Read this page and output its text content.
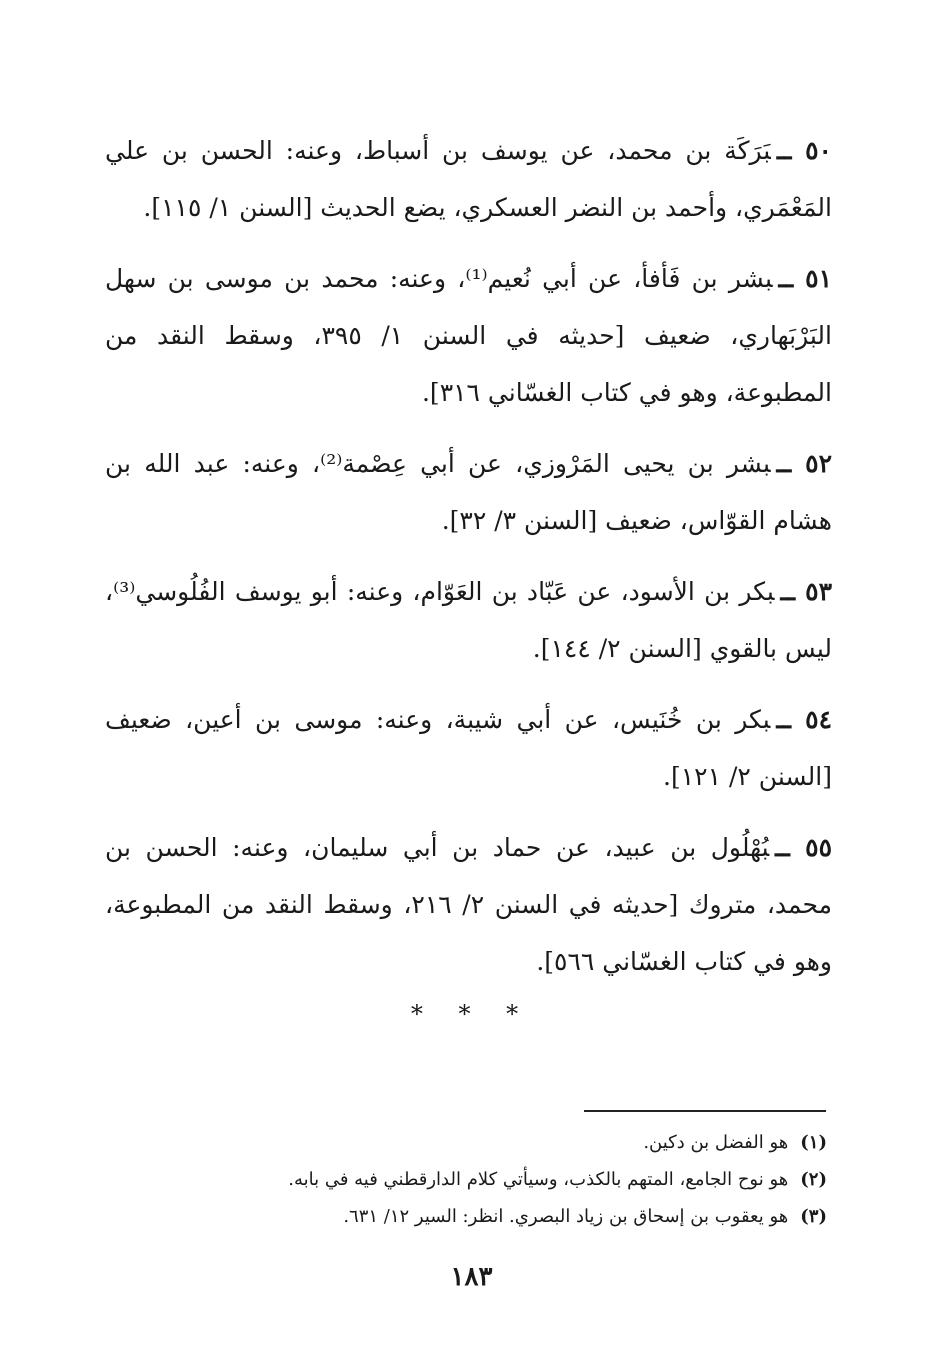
٥٠ ــبَرَكَة بن محمد، عن يوسف بن أسباط، وعنه: الحسن بن علي المَعْمَري، وأحمد بن النضر العسكري، يضع الحديث [السنن ١/ ١١٥].

٥١ ــبشر بن فَأفأ، عن أبي نُعيم⁽¹⁾، وعنه: محمد بن موسى بن سهل البَرْبَهاري، ضعيف [حديثه في السنن ١/ ٣٩٥، وسقط النقد من المطبوعة، وهو في كتاب الغسّاني ٣١٦].

٥٢ ــبشر بن يحيى المَرْوزي، عن أبي عِصْمة⁽²⁾، وعنه: عبد الله بن هشام القوّاس، ضعيف [السنن ٣/ ٣٢].

٥٣ ــبكر بن الأسود، عن عَبّاد بن العَوّام، وعنه: أبو يوسف الفُلُوسي⁽³⁾، ليس بالقوي [السنن ٢/ ١٤٤].

٥٤ ــبكر بن خُنَيس، عن أبي شيبة، وعنه: موسى بن أعين، ضعيف [السنن ٢/ ١٢١].

٥٥ ــبُهْلُول بن عبيد، عن حماد بن أبي سليمان، وعنه: الحسن بن محمد، متروك [حديثه في السنن ٢/ ٢١٦، وسقط النقد من المطبوعة، وهو في كتاب الغسّاني ٥٦٦].

* * *
(١)هو الفضل بن دكين.
(٢)هو نوح الجامع، المتهم بالكذب، وسيأتي كلام الدارقطني فيه في بابه.
(٣)هو يعقوب بن إسحاق بن زياد البصري. انظر: السير ١٢/ ٦٣١.
١٨٣
